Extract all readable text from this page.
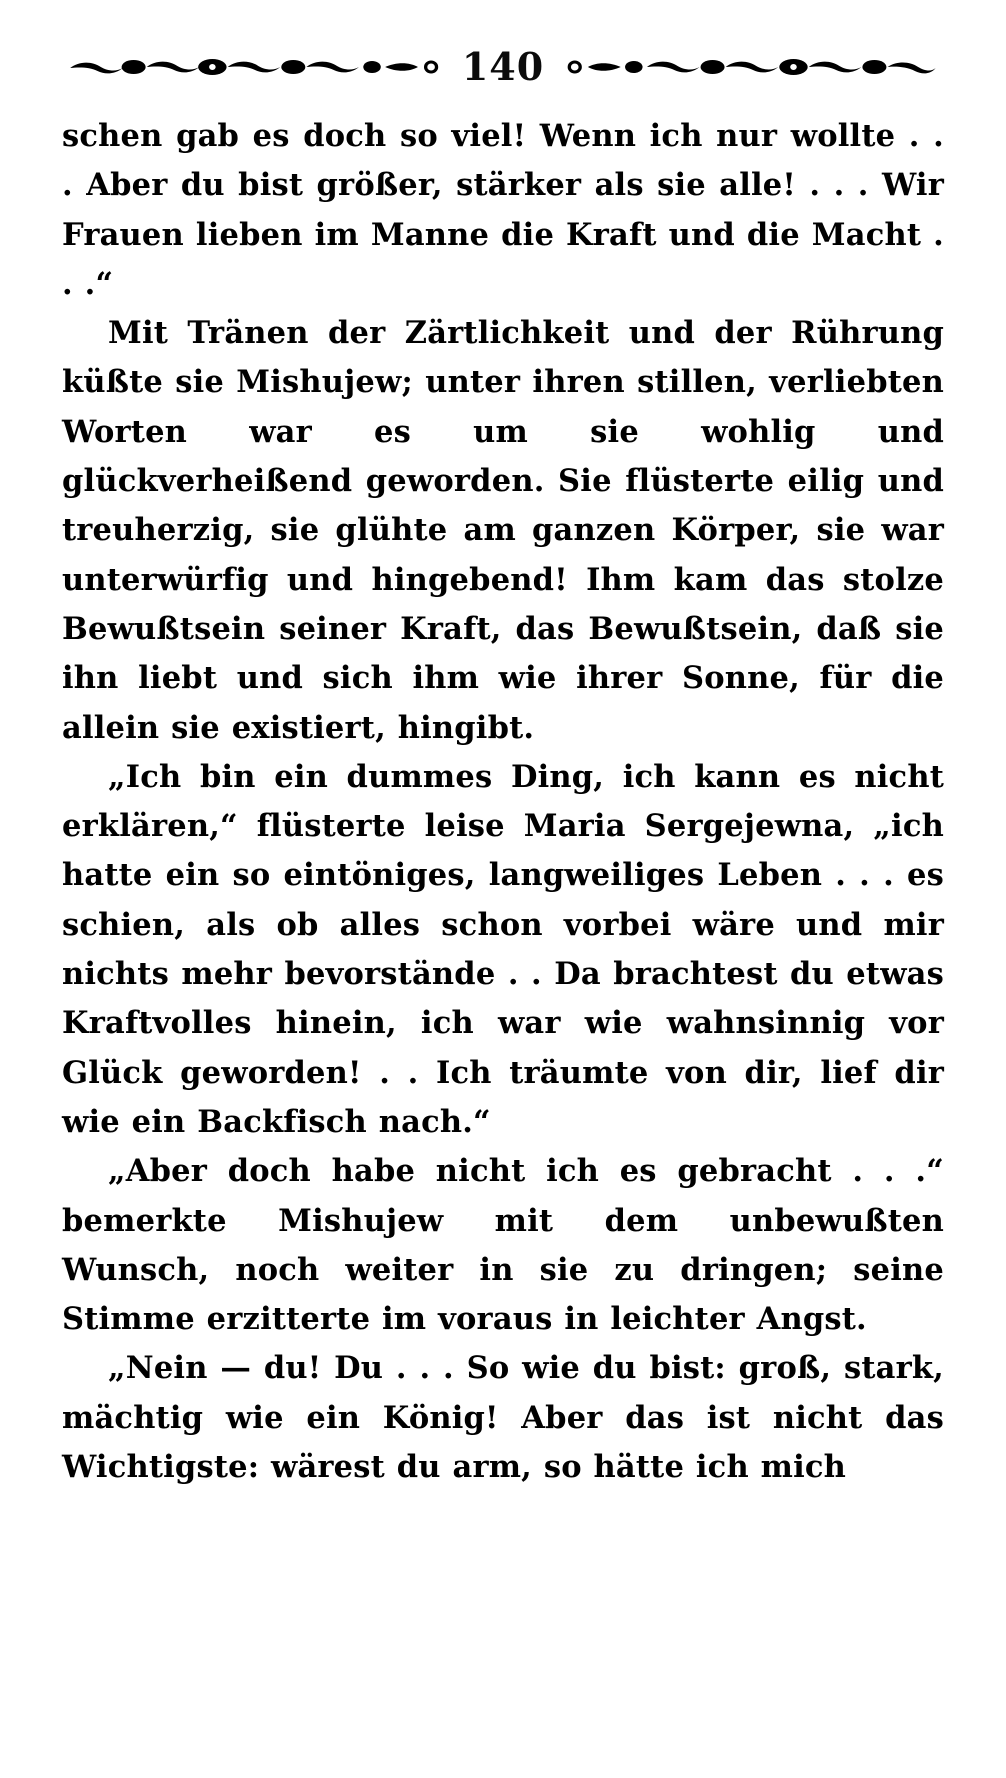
140

schen gab es doch so viel! Wenn ich nur wollte . . . Aber du bist größer, stärker als sie alle! . . . Wir Frauen lieben im Manne die Kraft und die Macht . . .“

Mit Tränen der Zärtlichkeit und der Rührung küßte sie Mishujew; unter ihren stillen, verliebten Worten war es um sie wohlig und glückverheißend geworden. Sie flüsterte eilig und treuherzig, sie glühte am ganzen Körper, sie war unterwürfig und hingebend! Ihm kam das stolze Bewußtsein seiner Kraft, das Bewußtsein, daß sie ihn liebt und sich ihm wie ihrer Sonne, für die allein sie existiert, hingibt.

„Ich bin ein dummes Ding, ich kann es nicht erklären,“ flüsterte leise Maria Sergejewna, „ich hatte ein so eintöniges, langweiliges Leben . . . es schien, als ob alles schon vorbei wäre und mir nichts mehr bevorstände . . Da brachtest du etwas Kraftvolles hinein, ich war wie wahnsinnig vor Glück geworden! . . Ich träumte von dir, lief dir wie ein Backfisch nach.“

„Aber doch habe nicht ich es gebracht . . .“ bemerkte Mishujew mit dem unbewußten Wunsch, noch weiter in sie zu dringen; seine Stimme erzitterte im voraus in leichter Angst.

„Nein — du! Du . . . So wie du bist: groß, stark, mächtig wie ein König! Aber das ist nicht das Wichtigste: wärest du arm, so hätte ich mich
